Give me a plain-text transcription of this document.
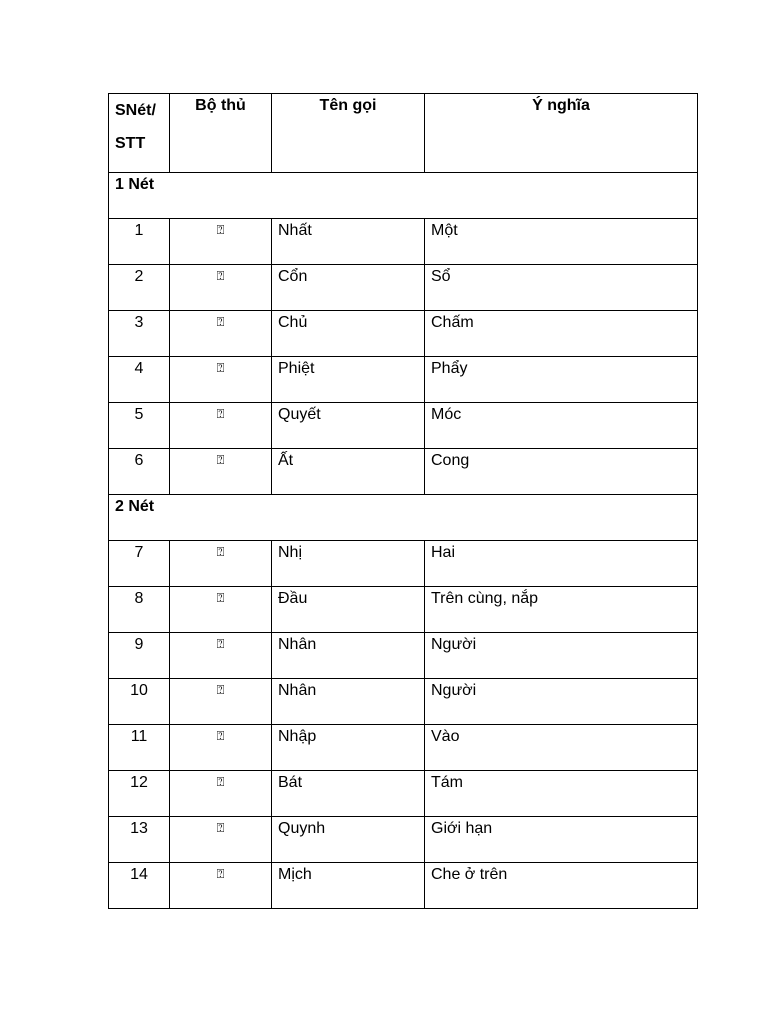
SNét/ STT	Bộ thủ	Tên gọi	Ý nghĩa
1 Nét			
1	⍰	Nhất	Một
2	⍰	Cổn	Sổ
3	⍰	Chủ	Chấm
4	⍰	Phiệt	Phẩy
5	⍰	Quyết	Móc
6	⍰	Ất	Cong
2 Nét			
7	⍰	Nhị	Hai
8	⍰	Đầu	Trên cùng, nắp
9	⍰	Nhân	Người
10	⍰	Nhân	Người
11	⍰	Nhập	Vào
12	⍰	Bát	Tám
13	⍰	Quynh	Giới hạn
14	⍰	Mịch	Che ở trên
